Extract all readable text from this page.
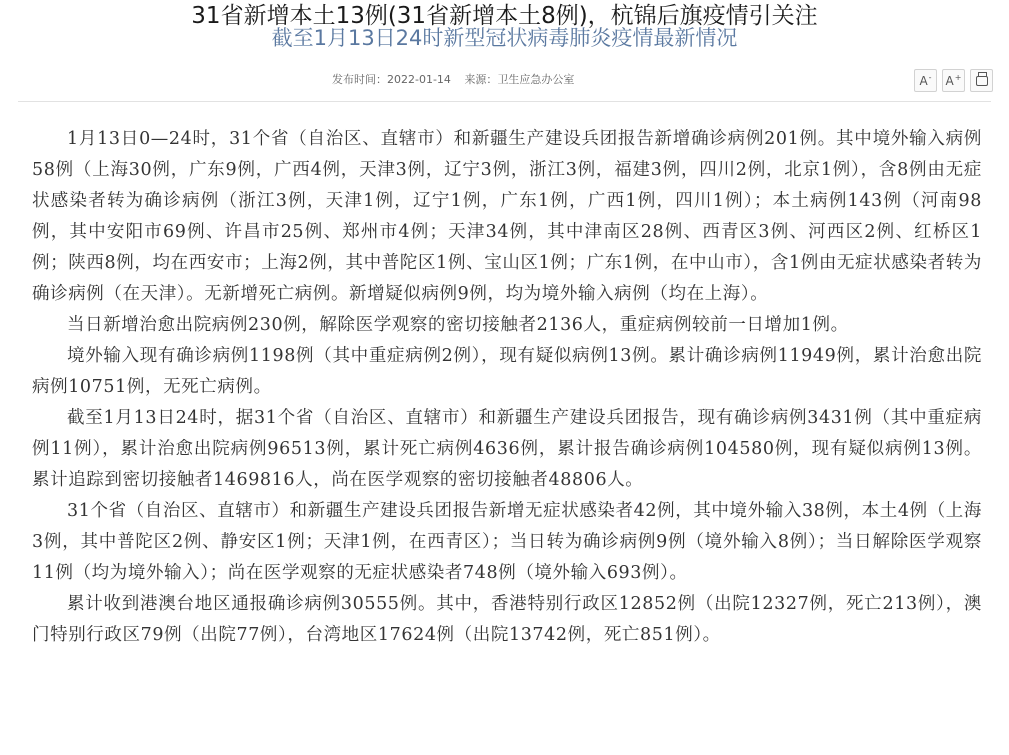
31省新增本土13例(31省新增本土8例)，杭锦后旗疫情引关注
截至1月13日24时新型冠状病毒肺炎疫情最新情况
发布时间：2022-01-14 来源：卫生应急办公室	A- A+

1月13日0—24时，31个省（自治区、直辖市）和新疆生产建设兵团报告新增确诊病例201例。其中境外输入病例58例（上海30例，广东9例，广西4例，天津3例，辽宁3例，浙江3例，福建3例，四川2例，北京1例），含8例由无症状感染者转为确诊病例（浙江3例，天津1例，辽宁1例，广东1例，广西1例，四川1例）；本土病例143例（河南98例，其中安阳市69例、许昌市25例、郑州市4例；天津34例，其中津南区28例、西青区3例、河西区2例、红桥区1例；陕西8例，均在西安市；上海2例，其中普陀区1例、宝山区1例；广东1例，在中山市），含1例由无症状感染者转为确诊病例（在天津）。无新增死亡病例。新增疑似病例9例，均为境外输入病例（均在上海）。

当日新增治愈出院病例230例，解除医学观察的密切接触者2136人，重症病例较前一日增加1例。

境外输入现有确诊病例1198例（其中重症病例2例），现有疑似病例13例。累计确诊病例11949例，累计治愈出院病例10751例，无死亡病例。

截至1月13日24时，据31个省（自治区、直辖市）和新疆生产建设兵团报告，现有确诊病例3431例（其中重症病例11例），累计治愈出院病例96513例，累计死亡病例4636例，累计报告确诊病例104580例，现有疑似病例13例。累计追踪到密切接触者1469816人，尚在医学观察的密切接触者48806人。

31个省（自治区、直辖市）和新疆生产建设兵团报告新增无症状感染者42例，其中境外输入38例，本土4例（上海3例，其中普陀区2例、静安区1例；天津1例，在西青区）；当日转为确诊病例9例（境外输入8例）；当日解除医学观察11例（均为境外输入）；尚在医学观察的无症状感染者748例（境外输入693例）。

累计收到港澳台地区通报确诊病例30555例。其中，香港特别行政区12852例（出院12327例，死亡213例），澳门特别行政区79例（出院77例），台湾地区17624例（出院13742例，死亡851例）。
